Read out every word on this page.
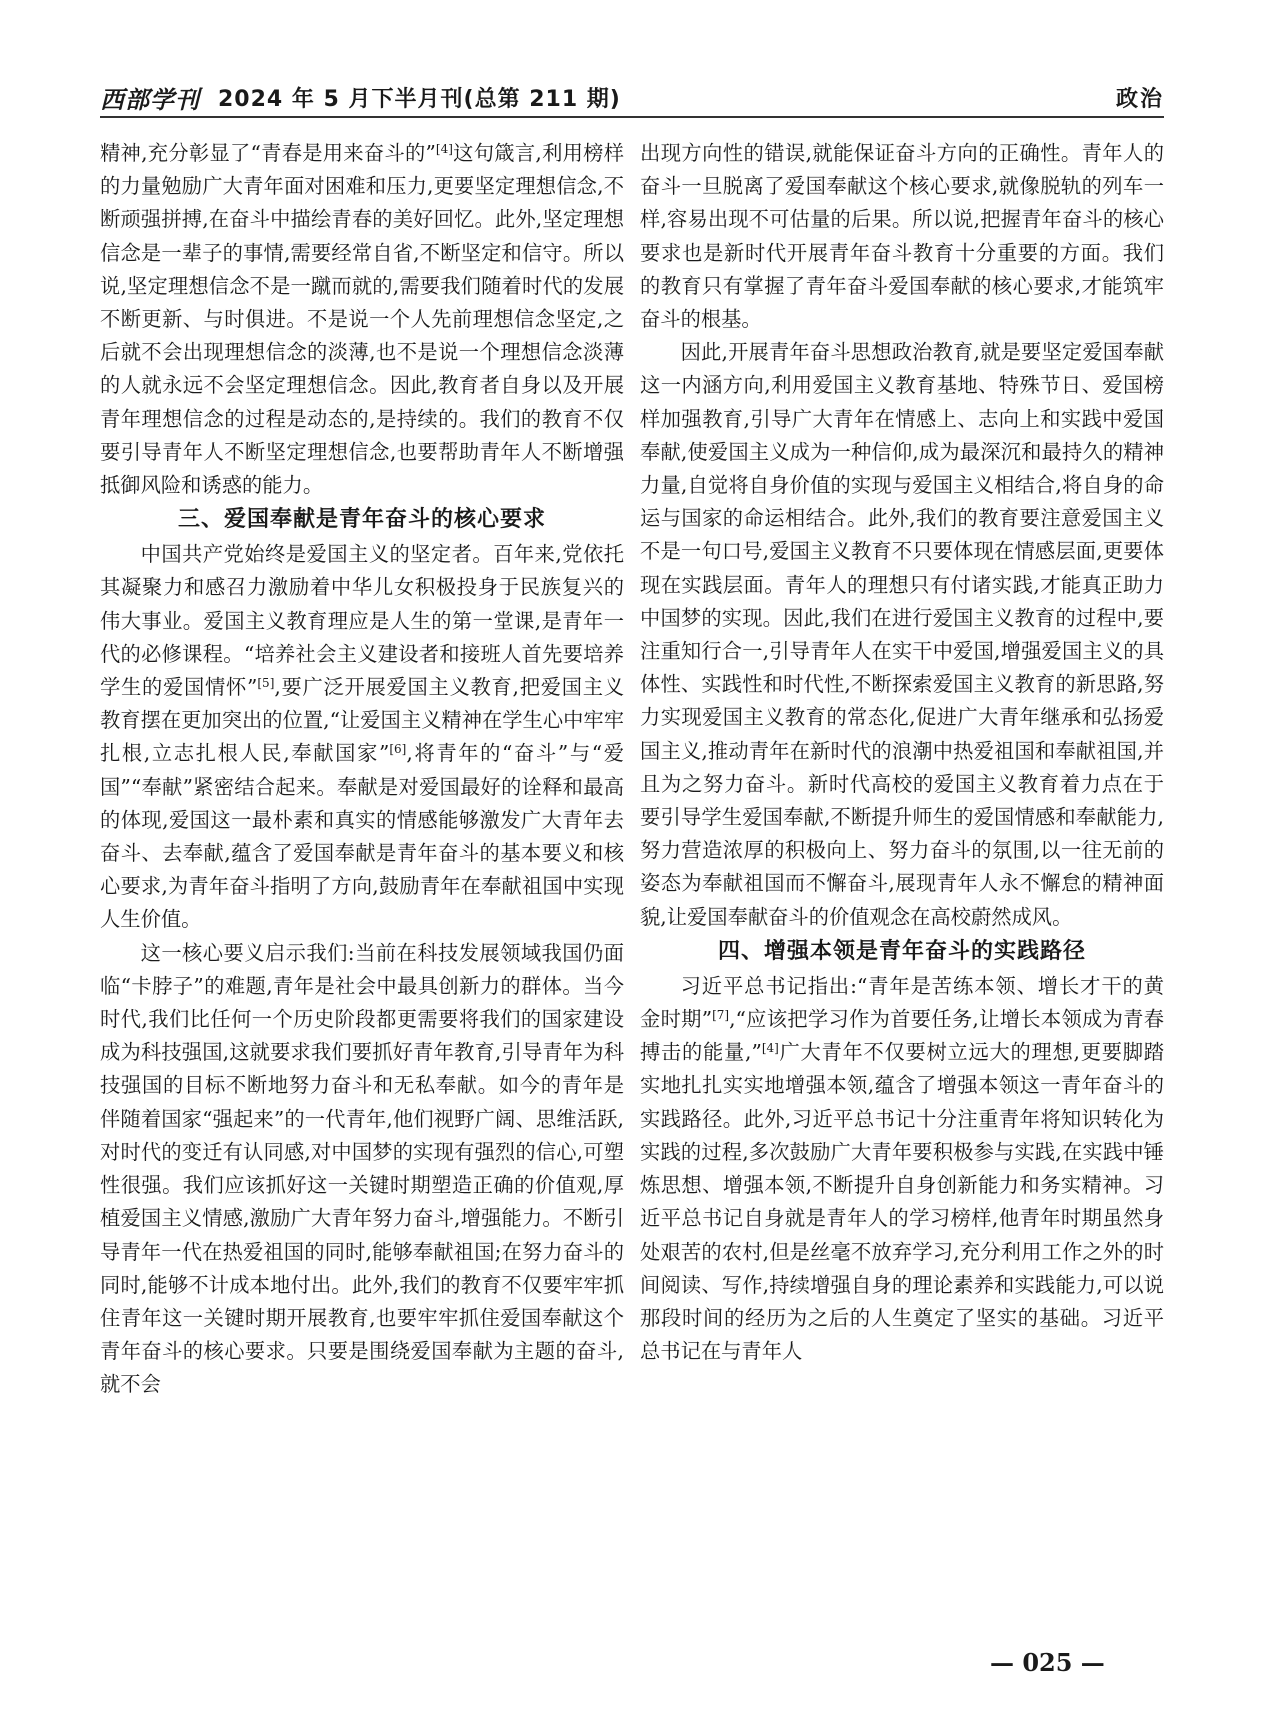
西部学刊 2024 年 5 月下半月刊(总第 211 期)	政治

精神,充分彰显了“青春是用来奋斗的”[4]这句箴言,利用榜样的力量勉励广大青年面对困难和压力,更要坚定理想信念,不断顽强拼搏,在奋斗中描绘青春的美好回忆。此外,坚定理想信念是一辈子的事情,需要经常自省,不断坚定和信守。所以说,坚定理想信念不是一蹴而就的,需要我们随着时代的发展不断更新、与时俱进。不是说一个人先前理想信念坚定,之后就不会出现理想信念的淡薄,也不是说一个理想信念淡薄的人就永远不会坚定理想信念。因此,教育者自身以及开展青年理想信念的过程是动态的,是持续的。我们的教育不仅要引导青年人不断坚定理想信念,也要帮助青年人不断增强抵御风险和诱惑的能力。

三、爱国奉献是青年奋斗的核心要求

中国共产党始终是爱国主义的坚定者。百年来,党依托其凝聚力和感召力激励着中华儿女积极投身于民族复兴的伟大事业。爱国主义教育理应是人生的第一堂课,是青年一代的必修课程。“培养社会主义建设者和接班人首先要培养学生的爱国情怀”[5],要广泛开展爱国主义教育,把爱国主义教育摆在更加突出的位置,“让爱国主义精神在学生心中牢牢扎根,立志扎根人民,奉献国家”[6],将青年的“奋斗”与“爱国”“奉献”紧密结合起来。奉献是对爱国最好的诠释和最高的体现,爱国这一最朴素和真实的情感能够激发广大青年去奋斗、去奉献,蕴含了爱国奉献是青年奋斗的基本要义和核心要求,为青年奋斗指明了方向,鼓励青年在奉献祖国中实现人生价值。

这一核心要义启示我们:当前在科技发展领域我国仍面临“卡脖子”的难题,青年是社会中最具创新力的群体。当今时代,我们比任何一个历史阶段都更需要将我们的国家建设成为科技强国,这就要求我们要抓好青年教育,引导青年为科技强国的目标不断地努力奋斗和无私奉献。如今的青年是伴随着国家“强起来”的一代青年,他们视野广阔、思维活跃,对时代的变迁有认同感,对中国梦的实现有强烈的信心,可塑性很强。我们应该抓好这一关键时期塑造正确的价值观,厚植爱国主义情感,激励广大青年努力奋斗,增强能力。不断引导青年一代在热爱祖国的同时,能够奉献祖国;在努力奋斗的同时,能够不计成本地付出。此外,我们的教育不仅要牢牢抓住青年这一关键时期开展教育,也要牢牢抓住爱国奉献这个青年奋斗的核心要求。只要是围绕爱国奉献为主题的奋斗,就不会

出现方向性的错误,就能保证奋斗方向的正确性。青年人的奋斗一旦脱离了爱国奉献这个核心要求,就像脱轨的列车一样,容易出现不可估量的后果。所以说,把握青年奋斗的核心要求也是新时代开展青年奋斗教育十分重要的方面。我们的教育只有掌握了青年奋斗爱国奉献的核心要求,才能筑牢奋斗的根基。

因此,开展青年奋斗思想政治教育,就是要坚定爱国奉献这一内涵方向,利用爱国主义教育基地、特殊节日、爱国榜样加强教育,引导广大青年在情感上、志向上和实践中爱国奉献,使爱国主义成为一种信仰,成为最深沉和最持久的精神力量,自觉将自身价值的实现与爱国主义相结合,将自身的命运与国家的命运相结合。此外,我们的教育要注意爱国主义不是一句口号,爱国主义教育不只要体现在情感层面,更要体现在实践层面。青年人的理想只有付诸实践,才能真正助力中国梦的实现。因此,我们在进行爱国主义教育的过程中,要注重知行合一,引导青年人在实干中爱国,增强爱国主义的具体性、实践性和时代性,不断探索爱国主义教育的新思路,努力实现爱国主义教育的常态化,促进广大青年继承和弘扬爱国主义,推动青年在新时代的浪潮中热爱祖国和奉献祖国,并且为之努力奋斗。新时代高校的爱国主义教育着力点在于要引导学生爱国奉献,不断提升师生的爱国情感和奉献能力,努力营造浓厚的积极向上、努力奋斗的氛围,以一往无前的姿态为奉献祖国而不懈奋斗,展现青年人永不懈怠的精神面貌,让爱国奉献奋斗的价值观念在高校蔚然成风。

四、增强本领是青年奋斗的实践路径

习近平总书记指出:“青年是苦练本领、增长才干的黄金时期”[7],“应该把学习作为首要任务,让增长本领成为青春搏击的能量,”[4]广大青年不仅要树立远大的理想,更要脚踏实地扎扎实实地增强本领,蕴含了增强本领这一青年奋斗的实践路径。此外,习近平总书记十分注重青年将知识转化为实践的过程,多次鼓励广大青年要积极参与实践,在实践中锤炼思想、增强本领,不断提升自身创新能力和务实精神。习近平总书记自身就是青年人的学习榜样,他青年时期虽然身处艰苦的农村,但是丝毫不放弃学习,充分利用工作之外的时间阅读、写作,持续增强自身的理论素养和实践能力,可以说那段时间的经历为之后的人生奠定了坚实的基础。习近平总书记在与青年人

— 025 —
